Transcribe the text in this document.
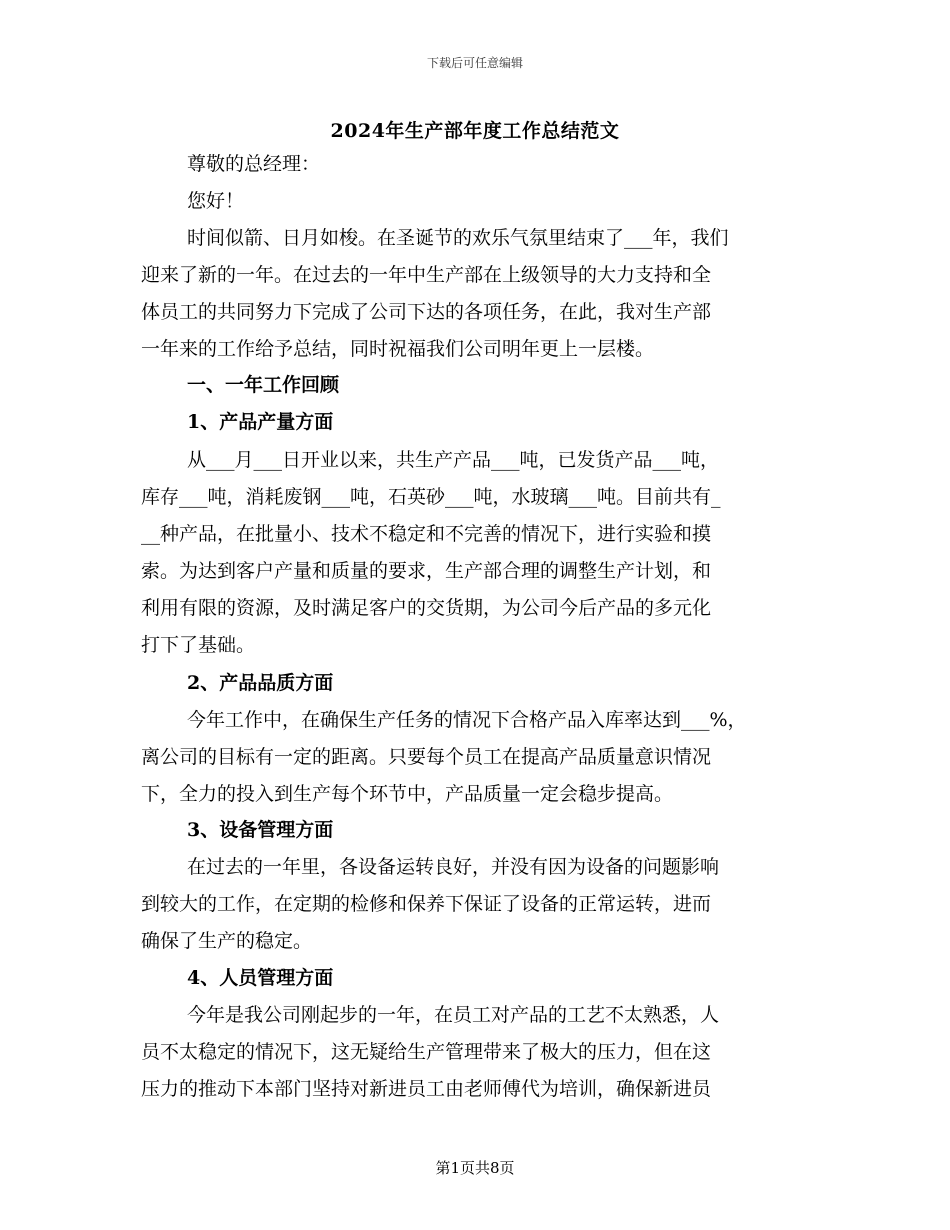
下载后可任意编辑
2024年生产部年度工作总结范文
尊敬的总经理：
您好！
时间似箭、日月如梭。在圣诞节的欢乐气氛里结束了___年，我们
迎来了新的一年。在过去的一年中生产部在上级领导的大力支持和全
体员工的共同努力下完成了公司下达的各项任务，在此，我对生产部
一年来的工作给予总结，同时祝福我们公司明年更上一层楼。
一、一年工作回顾
1、产品产量方面
从___月___日开业以来，共生产产品___吨，已发货产品___吨，
库存___吨，消耗废钢___吨，石英砂___吨，水玻璃___吨。目前共有_
__种产品，在批量小、技术不稳定和不完善的情况下，进行实验和摸
索。为达到客户产量和质量的要求，生产部合理的调整生产计划，和
利用有限的资源，及时满足客户的交货期，为公司今后产品的多元化
打下了基础。
2、产品品质方面
今年工作中，在确保生产任务的情况下合格产品入库率达到___%，
离公司的目标有一定的距离。只要每个员工在提高产品质量意识情况
下，全力的投入到生产每个环节中，产品质量一定会稳步提高。
3、设备管理方面
在过去的一年里，各设备运转良好，并没有因为设备的问题影响
到较大的工作，在定期的检修和保养下保证了设备的正常运转，进而
确保了生产的稳定。
4、人员管理方面
今年是我公司刚起步的一年，在员工对产品的工艺不太熟悉，人
员不太稳定的情况下，这无疑给生产管理带来了极大的压力，但在这
压力的推动下本部门坚持对新进员工由老师傅代为培训，确保新进员
第1页共8页
